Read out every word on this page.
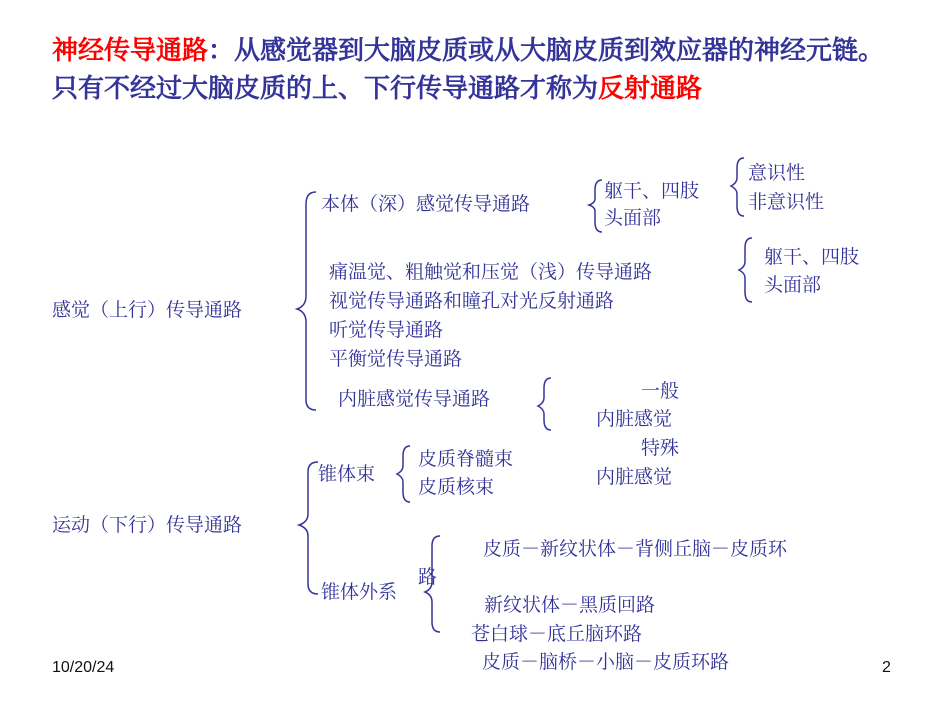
神经传导通路：从感觉器到大脑皮质或从大脑皮质到效应器的神经元链。只有不经过大脑皮质的上、下行传导通路才称为反射通路
感觉（上行）传导通路
本体（深）感觉传导通路
躯干、四肢
头面部
意识性
非意识性
痛温觉、粗触觉和压觉（浅）传导通路
躯干、四肢
头面部
视觉传导通路和瞳孔对光反射通路
听觉传导通路
平衡觉传导通路
内脏感觉传导通路	一般
内脏感觉
特殊
内脏感觉
运动（下行）传导通路
锥体束
皮质脊髓束
皮质核束
锥体外系
皮质－新纹状体－背侧丘脑－皮质环
路
新纹状体－黑质回路
苍白球－底丘脑环路
皮质－脑桥－小脑－皮质环路
10/20/24	2
